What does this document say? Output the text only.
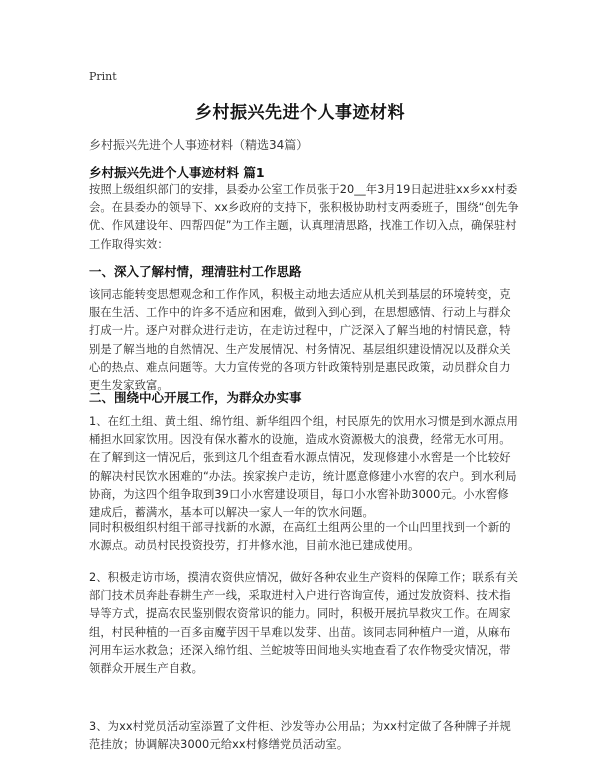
Print
乡村振兴先进个人事迹材料
乡村振兴先进个人事迹材料（精选34篇）
乡村振兴先进个人事迹材料 篇1
按照上级组织部门的安排，县委办公室工作员张于20__年3月19日起进驻xx乡xx村委会。在县委办的领导下、xx乡政府的支持下，张积极协助村支两委班子，围绕“创先争优、作风建设年、四帮四促”为工作主题，认真理清思路，找准工作切入点，确保驻村工作取得实效：
一、深入了解村情，理清驻村工作思路
该同志能转变思想观念和工作作风，积极主动地去适应从机关到基层的环境转变，克服在生活、工作中的许多不适应和困难，做到入到心到，在思想感情、行动上与群众打成一片。逐户对群众进行走访，在走访过程中，广泛深入了解当地的村情民意，特别是了解当地的自然情况、生产发展情况、村务情况、基层组织建设情况以及群众关心的热点、难点问题等。大力宣传党的各项方针政策特别是惠民政策，动员群众自力更生发家致富。
二、围绕中心开展工作，为群众办实事
1、在红土组、黄土组、绵竹组、新华组四个组，村民原先的饮用水习惯是到水源点用桶担水回家饮用。因没有保水蓄水的设施，造成水资源极大的浪费，经常无水可用。在了解到这一情况后，张到这几个组查看水源点情况，发现修建小水窖是一个比较好的解决村民饮水困难的“办法。挨家挨户走访，统计愿意修建小水窖的农户。到水利局协商，为这四个组争取到39口小水窖建设项目，每口小水窖补助3000元。小水窖修建成后，蓄满水，基本可以解决一家人一年的饮水问题。
同时积极组织村组干部寻找新的水源，在高红土组两公里的一个山凹里找到一个新的水源点。动员村民投资投劳，打井修水池，目前水池已建成使用。
2、积极走访市场，摸清农资供应情况，做好各种农业生产资料的保障工作；联系有关部门技术员奔赴春耕生产一线，采取进村入户进行咨询宣传，通过发放资料、技术指导等方式，提高农民鉴别假农资常识的能力。同时，积极开展抗旱救灾工作。在周家组，村民种植的一百多亩魔芋因干旱难以发芽、出苗。该同志同种植户一道，从麻布河用车运水救急；还深入绵竹组、兰蛇坡等田间地头实地查看了农作物受灾情况，带领群众开展生产自救。
3、为xx村党员活动室添置了文件柜、沙发等办公用品；为xx村定做了各种牌子并规范挂放；协调解决3000元给xx村修缮党员活动室。
